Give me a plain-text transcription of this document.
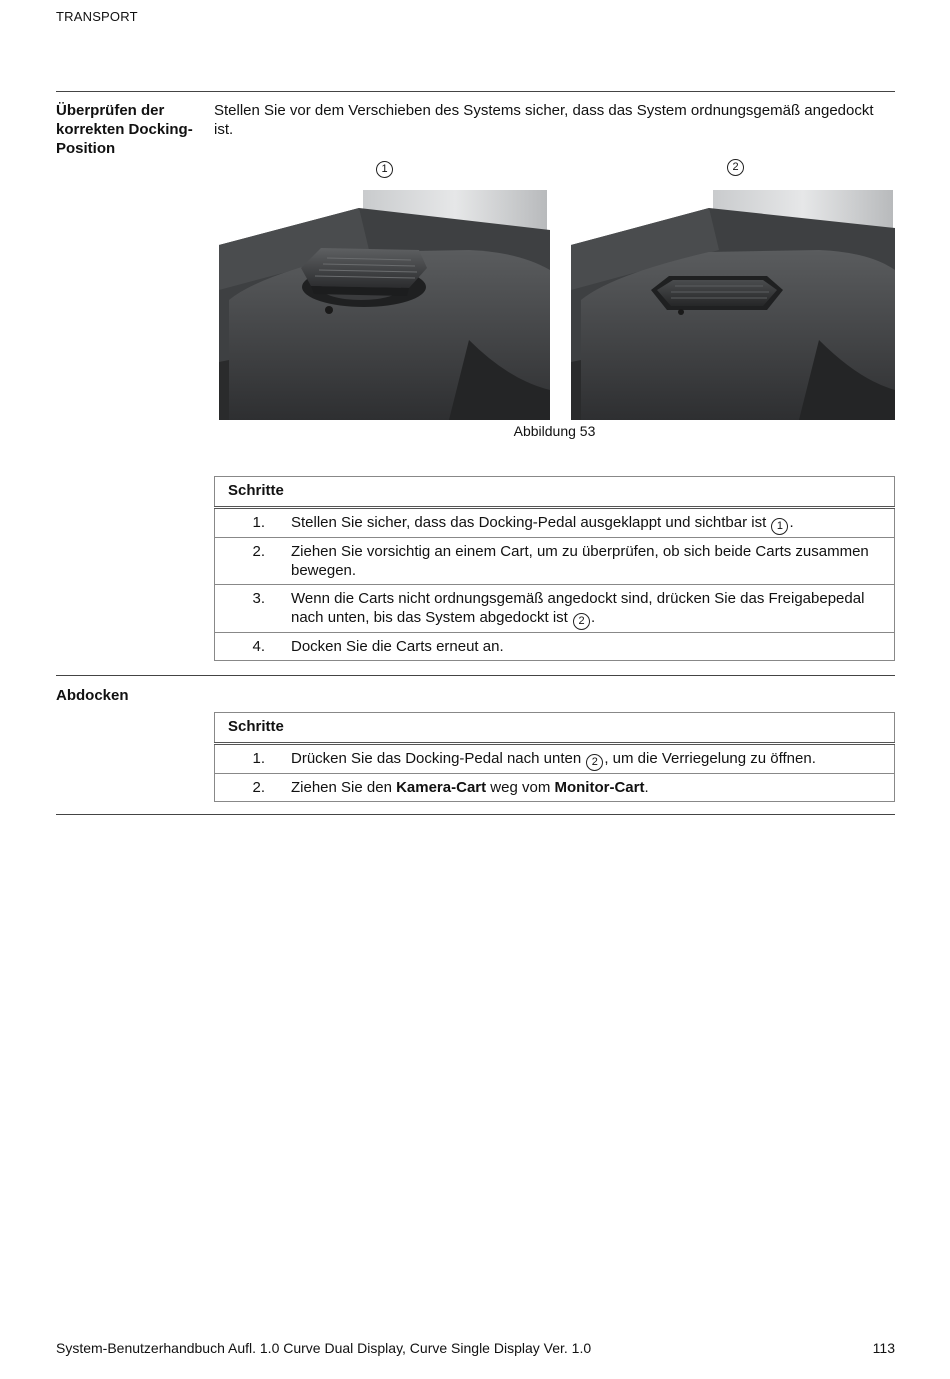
TRANSPORT
Überprüfen der korrekten Docking-Position
Stellen Sie vor dem Verschieben des Systems sicher, dass das System ordnungsgemäß angedockt ist.
1	2
Abbildung 53
Schritte	
1.	Stellen Sie sicher, dass das Docking-Pedal ausgeklappt und sichtbar ist 1 .
2.	Ziehen Sie vorsichtig an einem Cart, um zu überprüfen, ob sich beide Carts zusammen bewegen.
3.	Wenn die Carts nicht ordnungsgemäß angedockt sind, drücken Sie das Freigabepedal nach unten, bis das System abgedockt ist 2 .
4.	Docken Sie die Carts erneut an.
Abdocken
Schritte	
1.	Drücken Sie das Docking-Pedal nach unten 2 , um die Verriegelung zu öffnen.
2.	Ziehen Sie den Kamera-Cart weg vom Monitor-Cart.
System-Benutzerhandbuch Aufl. 1.0 Curve Dual Display, Curve Single Display Ver. 1.0	113
